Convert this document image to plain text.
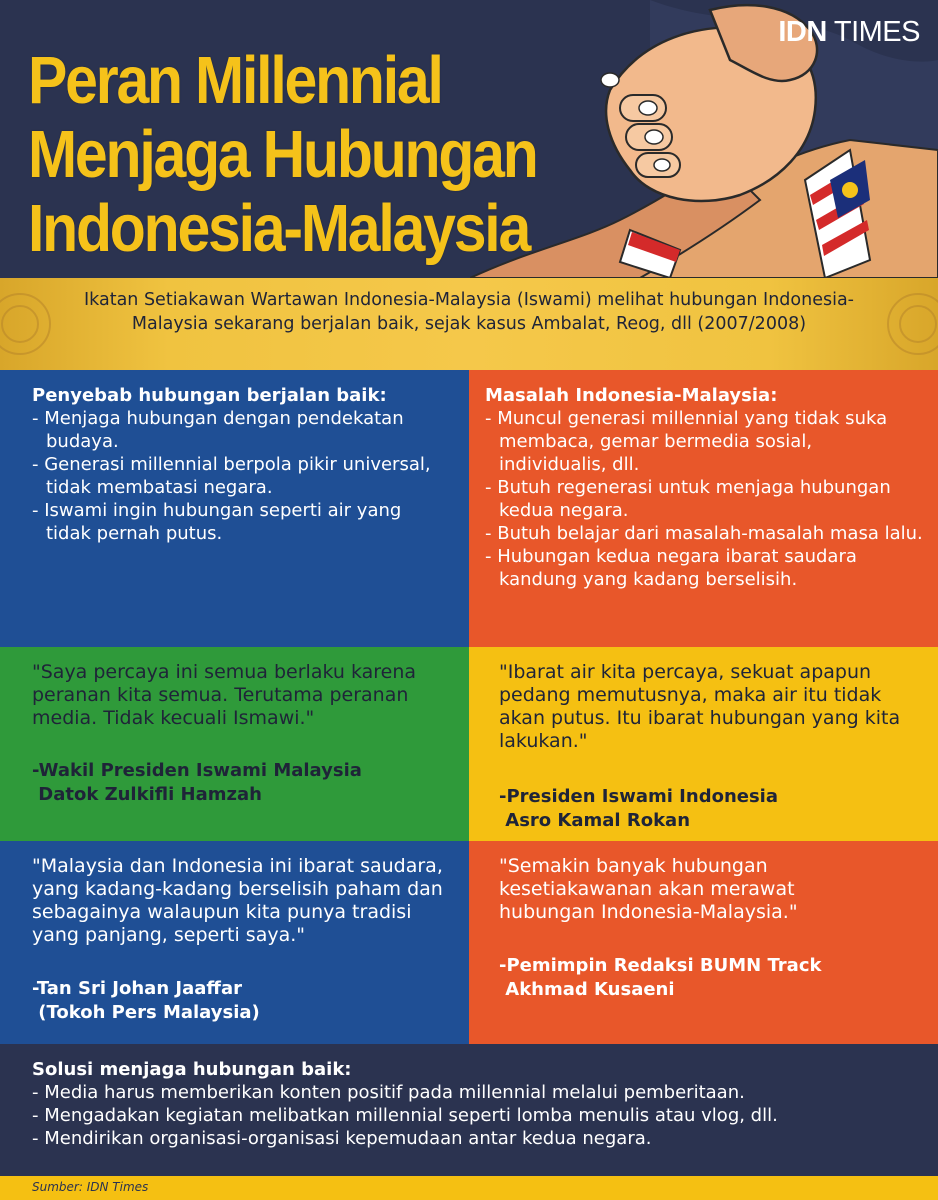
Peran Millennial
Menjaga Hubungan
Indonesia-Malaysia
IDN TIMES
Ikatan Setiakawan Wartawan Indonesia-Malaysia (Iswami) melihat hubungan Indonesia-Malaysia sekarang berjalan baik, sejak kasus Ambalat, Reog, dll (2007/2008)
Penyebab hubungan berjalan baik:
- Menjaga hubungan dengan pendekatan budaya.
- Generasi millennial berpola pikir universal, tidak membatasi negara.
- Iswami ingin hubungan seperti air yang tidak pernah putus.
Masalah Indonesia-Malaysia:
- Muncul generasi millennial yang tidak suka membaca, gemar bermedia sosial, individualis, dll.
- Butuh regenerasi untuk menjaga hubungan kedua negara.
- Butuh belajar dari masalah-masalah masa lalu.
- Hubungan kedua negara ibarat saudara kandung yang kadang berselisih.
"Saya percaya ini semua berlaku karena peranan kita semua. Terutama peranan media. Tidak kecuali Ismawi."
-Wakil Presiden Iswami Malaysia
Datok Zulkifli Hamzah
"Ibarat air kita percaya, sekuat apapun pedang memutusnya, maka air itu tidak akan putus. Itu ibarat hubungan yang kita lakukan."
-Presiden Iswami Indonesia
Asro Kamal Rokan
"Malaysia dan Indonesia ini ibarat saudara, yang kadang-kadang berselisih paham dan sebagainya walaupun kita punya tradisi yang panjang, seperti saya."
-Tan Sri Johan Jaaffar
(Tokoh Pers Malaysia)
"Semakin banyak hubungan kesetiakawanan akan merawat hubungan Indonesia-Malaysia."
-Pemimpin Redaksi BUMN Track
Akhmad Kusaeni
Solusi menjaga hubungan baik:
- Media harus memberikan konten positif pada millennial melalui pemberitaan.
- Mengadakan kegiatan melibatkan millennial seperti lomba menulis atau vlog, dll.
- Mendirikan organisasi-organisasi kepemudaan antar kedua negara.
Sumber: IDN Times
